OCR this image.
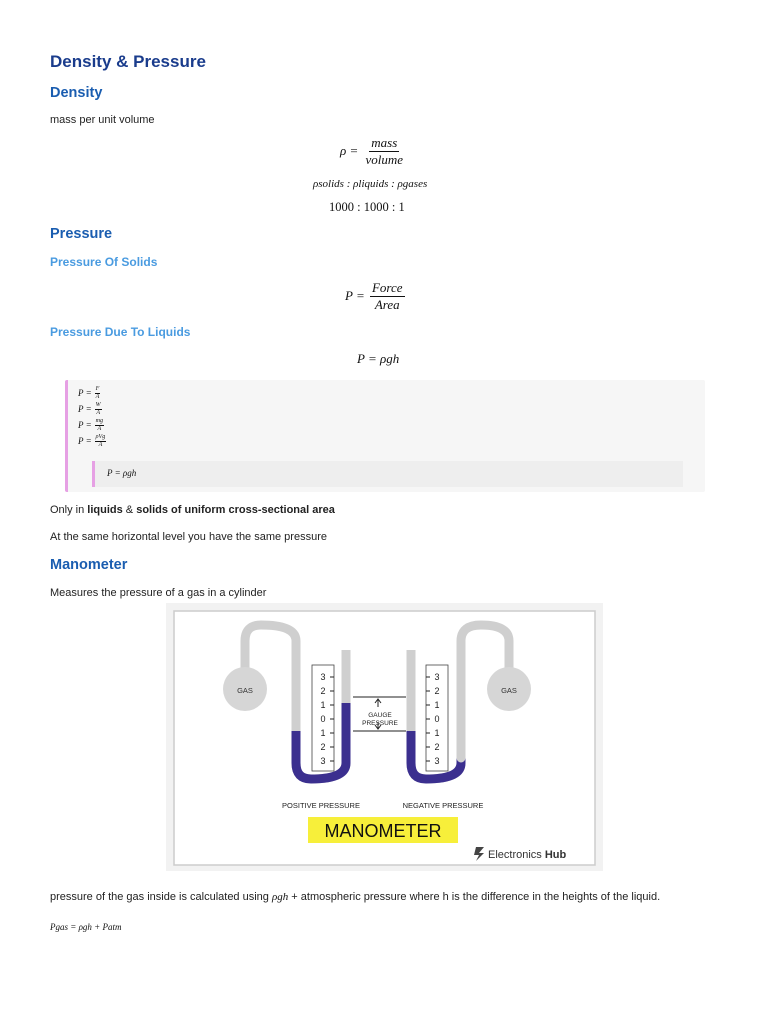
Density & Pressure
Density
mass per unit volume
$\rho = \frac{\text{mass}}{\text{volume}}$
ρsolids : ρliquids : ρgases
1000 : 1000 : 1
Pressure
Pressure Of Solids
$P = \frac{\text{Force}}{\text{Area}}$
Pressure Due To Liquids
P = ρgh
$P = \frac{F}{A}$
$P = \frac{W}{A}$
$P = \frac{mg}{A}$
$P = \frac{\text{ρVg}}{A}$
P = ρgh
Only in liquids & solids of uniform cross-sectional area
At the same horizontal level you have the same pressure
Manometer
Measures the pressure of a gas in a cylinder
GAS
GAUGE
PRESSURE
GAS
3
2
1
0
1
2
3
3
2
1
0
1
2
3
POSITIVE PRESSURE	NEGATIVE PRESSURE
MANOMETER
Electronics Hub
pressure of the gas inside is calculated using ρgh + atmospheric pressure where h is the difference in the heights of the liquid.
Pgas = ρgh + Patm
